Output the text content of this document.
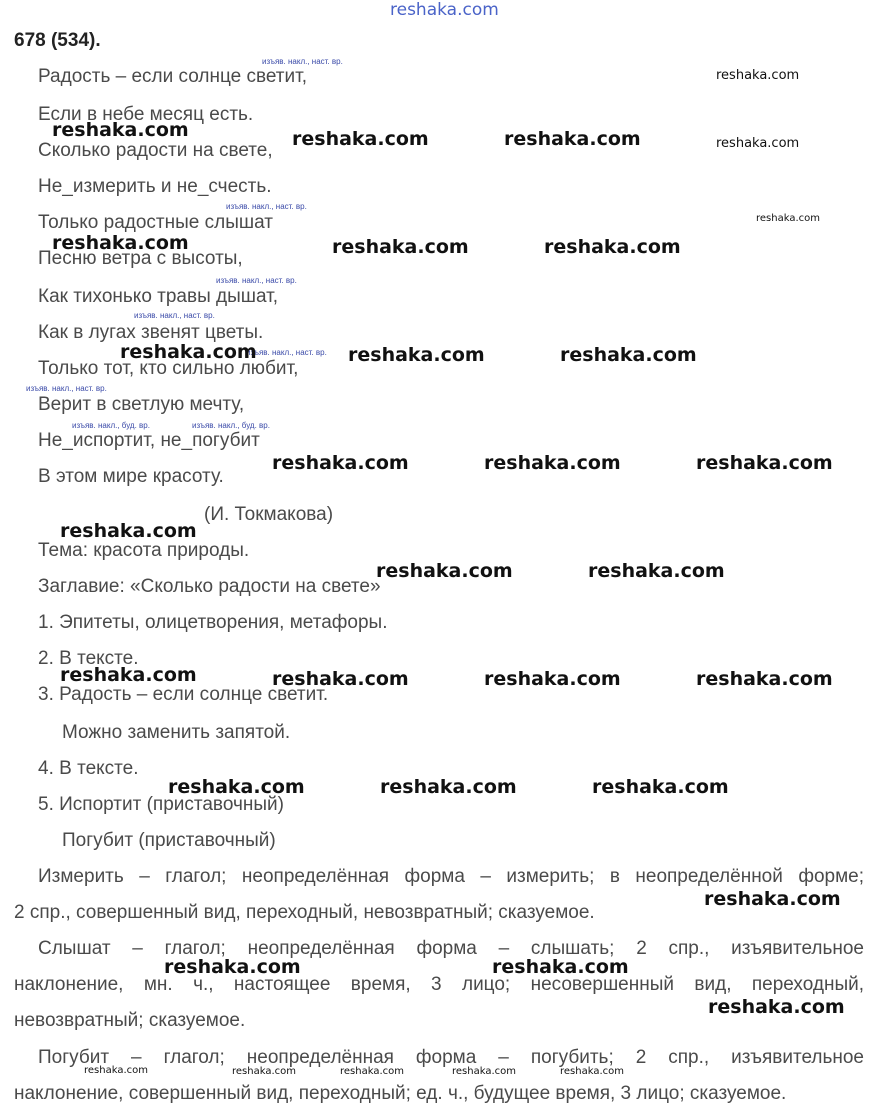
reshaka.com
678 (534).
Радость – если солнце светит,
Если в небе месяц есть.
Сколько радости на свете,
Не_измерить и не_счесть.
Только радостные слышат
Песню ветра с высоты,
Как тихонько травы дышат,
Как в лугах звенят цветы.
Только тот, кто сильно любит,
Верит в светлую мечту,
Не_испортит, не_погубит
В этом мире красоту.
(И. Токмакова)
изъяв. накл., наст. вр.
изъяв. накл., наст. вр.
изъяв. накл., наст. вр.
изъяв. накл., наст. вр.
изъяв. накл., наст. вр.
изъяв. накл., наст. вр.
изъяв. накл., буд. вр.	изъяв. накл., буд. вр.
Тема: красота природы.
Заглавие: «Сколько радости на свете»
1. Эпитеты, олицетворения, метафоры.
2. В тексте.
3. Радость – если солнце светит.
Можно заменить запятой.
4. В тексте.
5. Испортит (приставочный)
Погубит (приставочный)
Измерить – глагол; неопределённая форма – измерить; в неопределённой форме;
2 спр., совершенный вид, переходный, невозвратный; сказуемое.
Слышат – глагол; неопределённая форма – слышать; 2 спр., изъявительное
наклонение, мн. ч., настоящее время, 3 лицо; несовершенный вид, переходный,
невозвратный; сказуемое.
Погубит – глагол; неопределённая форма – погубить; 2 спр., изъявительное
наклонение, совершенный вид, переходный; ед. ч., будущее время, 3 лицо; сказуемое.
reshaka.com
reshaka.com	reshaka.com	reshaka.com	reshaka.com
reshaka.com
reshaka.com	reshaka.com	reshaka.com
reshaka.com	reshaka.com	reshaka.com
reshaka.com	reshaka.com	reshaka.com
reshaka.com
reshaka.com	reshaka.com
reshaka.com	reshaka.com	reshaka.com	reshaka.com
reshaka.com	reshaka.com	reshaka.com
reshaka.com
reshaka.com	reshaka.com
reshaka.com
reshaka.com	reshaka.com	reshaka.com	reshaka.com	reshaka.com
